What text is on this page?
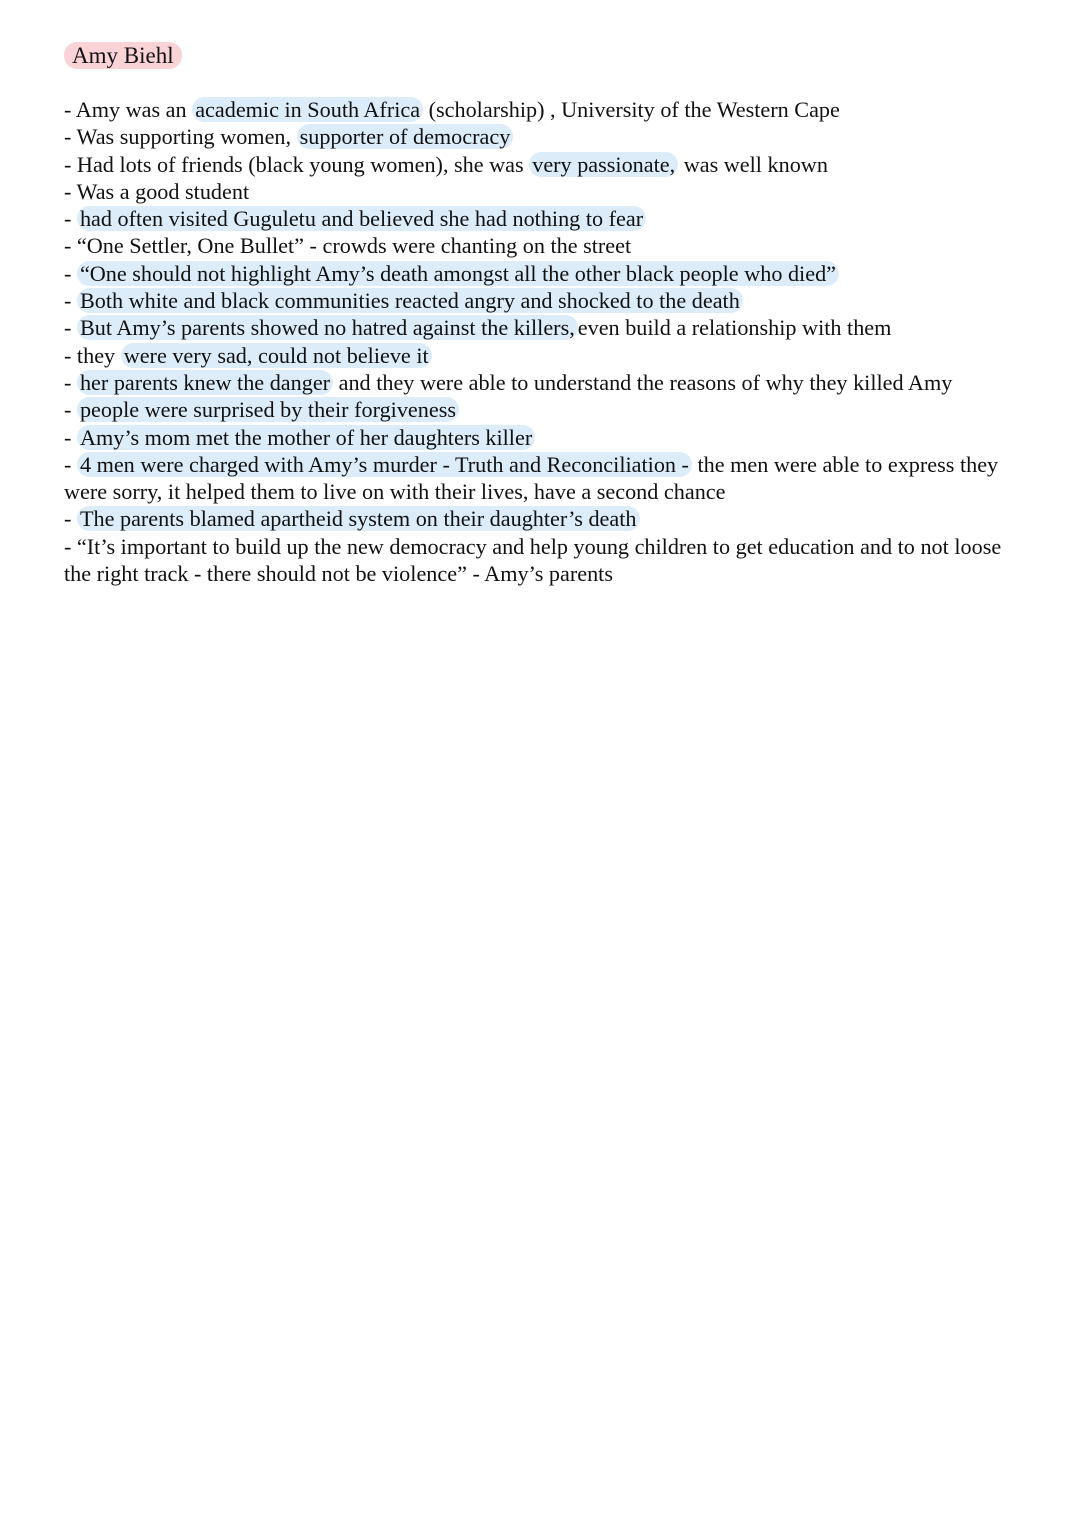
Amy Biehl
- Amy was an academic in South Africa (scholarship) , University of the Western Cape
- Was supporting women, supporter of democracy
- Had lots of friends (black young women), she was very passionate, was well known
- Was a good student
- had often visited Guguletu and believed she had nothing to fear
- “One Settler, One Bullet” - crowds were chanting on the street
- “One should not highlight Amy’s death amongst all the other black people who died”
- Both white and black communities reacted angry and shocked to the death
- But Amy’s parents showed no hatred against the killers, even build a relationship with them
- they were very sad, could not believe it
- her parents knew the danger and they were able to understand the reasons of why they killed Amy
- people were surprised by their forgiveness
- Amy’s mom met the mother of her daughters killer
- 4 men were charged with Amy’s murder - Truth and Reconciliation - the men were able to express they were sorry, it helped them to live on with their lives, have a second chance
- The parents blamed apartheid system on their daughter’s death
- “It’s important to build up the new democracy and help young children to get education and to not loose the right track - there should not be violence” - Amy’s parents
